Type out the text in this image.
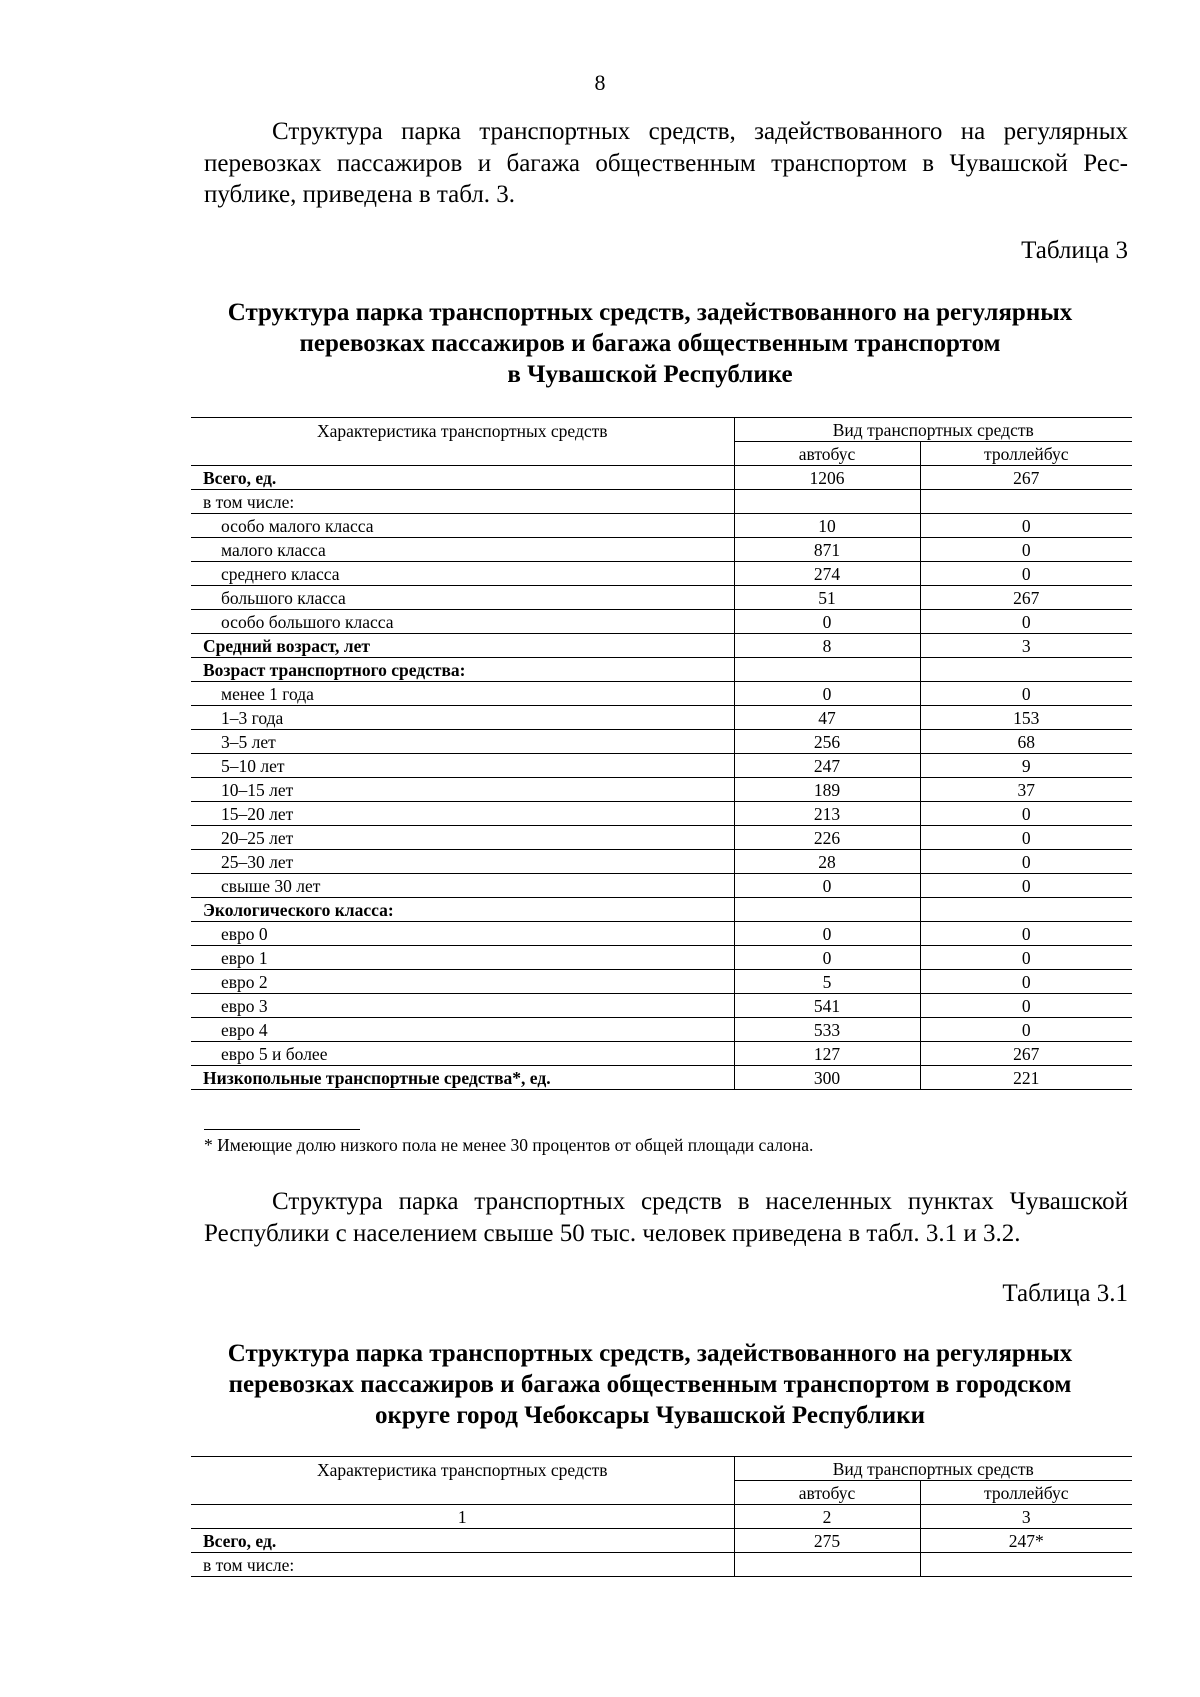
8

Структура парка транспортных средств, задействованного на регулярных перевозках пассажиров и багажа общественным транспортом в Чувашской Республике, приведена в табл. 3.

Таблица 3
Структура парка транспортных средств, задействованного на регулярных
перевозках пассажиров и багажа общественным транспортом
в Чувашской Республике
Характеристика транспортных средств	Вид транспортных средств	
	автобус	троллейбус
Всего, ед.	1206	267
в том числе:		
особо малого класса	10	0
малого класса	871	0
среднего класса	274	0
большого класса	51	267
особо большого класса	0	0
Средний возраст, лет	8	3
Возраст транспортного средства:		
менее 1 года	0	0
1–3 года	47	153
3–5 лет	256	68
5–10 лет	247	9
10–15 лет	189	37
15–20 лет	213	0
20–25 лет	226	0
25–30 лет	28	0
свыше 30 лет	0	0
Экологического класса:		
евро 0	0	0
евро 1	0	0
евро 2	5	0
евро 3	541	0
евро 4	533	0
евро 5 и более	127	267
Низкопольные транспортные средства*, ед.	300	221
* Имеющие долю низкого пола не менее 30 процентов от общей площади салона.

Структура парка транспортных средств в населенных пунктах Чувашской Республики с населением свыше 50 тыс. человек приведена в табл. 3.1 и 3.2.

Таблица 3.1
Структура парка транспортных средств, задействованного на регулярных
перевозках пассажиров и багажа общественным транспортом в городском
округе город Чебоксары Чувашской Республики
Характеристика транспортных средств	Вид транспортных средств	
	автобус	троллейбус
1	2	3
Всего, ед.	275	247*
в том числе:		
